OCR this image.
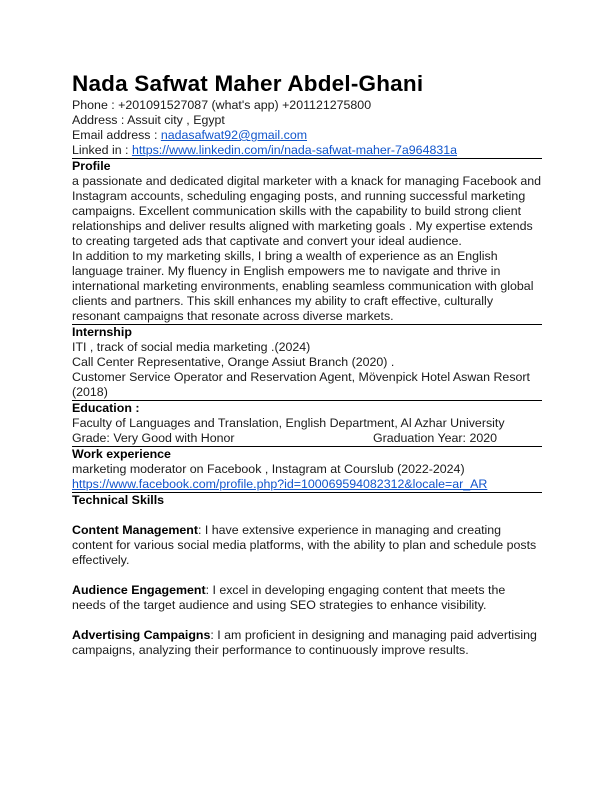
Nada Safwat Maher Abdel-Ghani
Phone : +201091527087 (what's app) +201121275800
Address : Assuit city , Egypt
Email address : nadasafwat92@gmail.com
Linked in : https://www.linkedin.com/in/nada-safwat-maher-7a964831a
Profile
a passionate and dedicated digital marketer with a knack for managing Facebook and Instagram accounts, scheduling engaging posts, and running successful marketing campaigns. Excellent communication skills with the capability to build strong client relationships and deliver results aligned with marketing goals . My expertise extends to creating targeted ads that captivate and convert your ideal audience.
In addition to my marketing skills, I bring a wealth of experience as an English language trainer. My fluency in English empowers me to navigate and thrive in international marketing environments, enabling seamless communication with global clients and partners. This skill enhances my ability to craft effective, culturally resonant campaigns that resonate across diverse markets.
Internship
ITI , track of social media marketing .(2024)
Call Center Representative, Orange Assiut Branch (2020) .
Customer Service Operator and Reservation Agent, Mövenpick Hotel Aswan Resort (2018)
Education :
Faculty of Languages and Translation, English Department, Al Azhar University
Grade: Very Good with Honor	Graduation Year: 2020
Work experience
marketing moderator on Facebook , Instagram at Courslub (2022-2024)
https://www.facebook.com/profile.php?id=100069594082312&locale=ar_AR
Technical Skills
Content Management: I have extensive experience in managing and creating content for various social media platforms, with the ability to plan and schedule posts effectively.
Audience Engagement: I excel in developing engaging content that meets the needs of the target audience and using SEO strategies to enhance visibility.
Advertising Campaigns: I am proficient in designing and managing paid advertising campaigns, analyzing their performance to continuously improve results.
